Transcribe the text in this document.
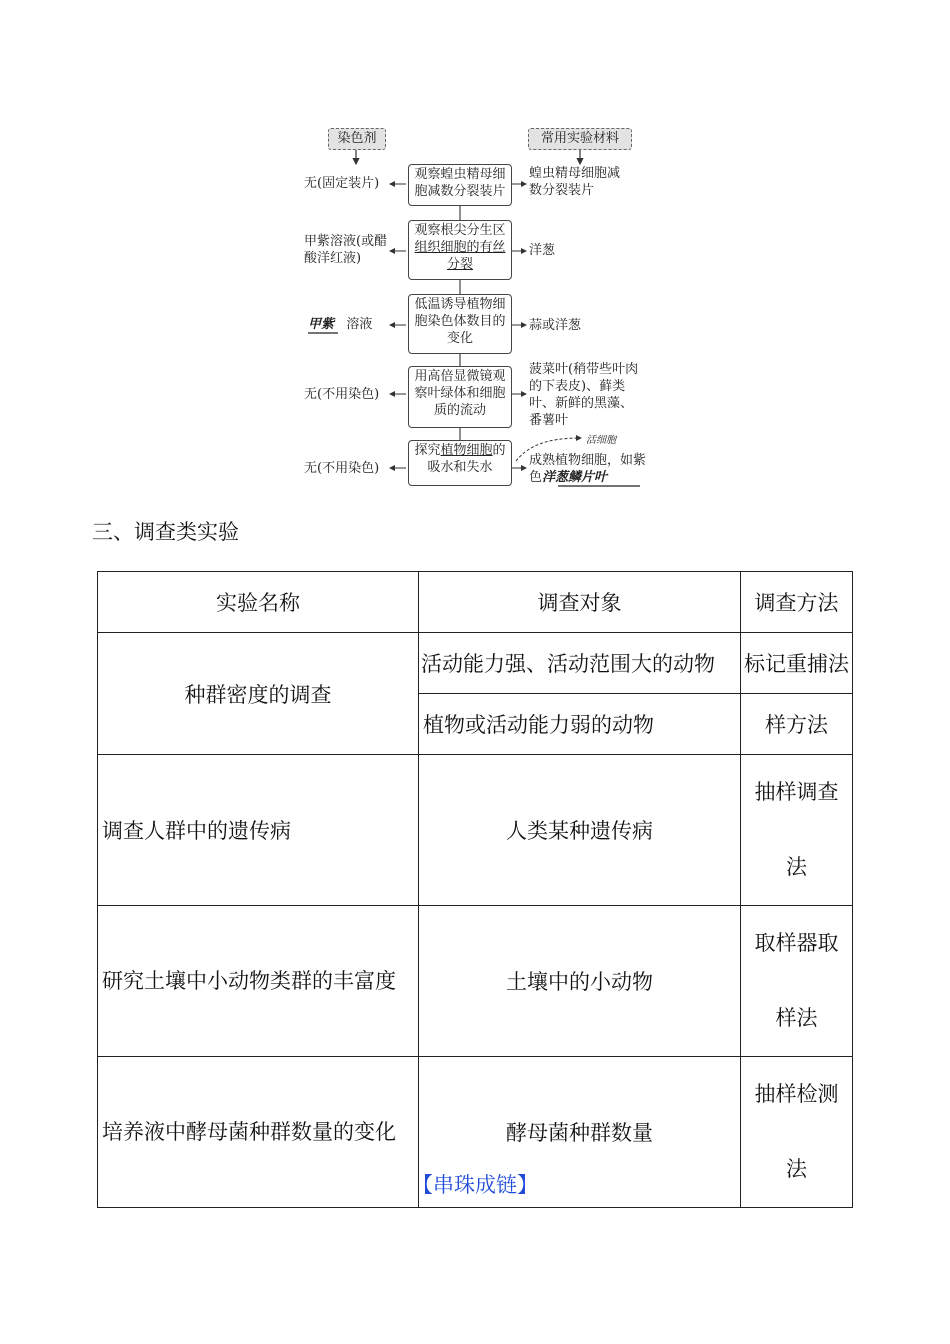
染色剂	常用实验材料
无(固定装片)
观察蝗虫精母细胞减数分裂装片
蝗虫精母细胞减数分裂装片
甲紫溶液(或醋酸洋红液)
观察根尖分生区组织细胞的有丝分裂
洋葱
甲紫 溶液
低温诱导植物细胞染色体数目的变化
蒜或洋葱
无(不用染色)
用高倍显微镜观察叶绿体和细胞质的流动
菠菜叶(稍带些叶肉的下表皮)、藓类叶、新鲜的黑藻、番薯叶
活细胞
无(不用染色)
探究植物细胞的吸水和失水	成熟植物细胞，如紫色洋葱鳞片叶
三、调查类实验
实验名称	调查对象	调查方法
种群密度的调查	活动能力强、活动范围大的动物	标记重捕法
	植物或活动能力弱的动物	样方法
调查人群中的遗传病	人类某种遗传病	抽样调查法
研究土壤中小动物类群的丰富度	土壤中的小动物	取样器取样法
培养液中酵母菌种群数量的变化	酵母菌种群数量	抽样检测法
【串珠成链】
